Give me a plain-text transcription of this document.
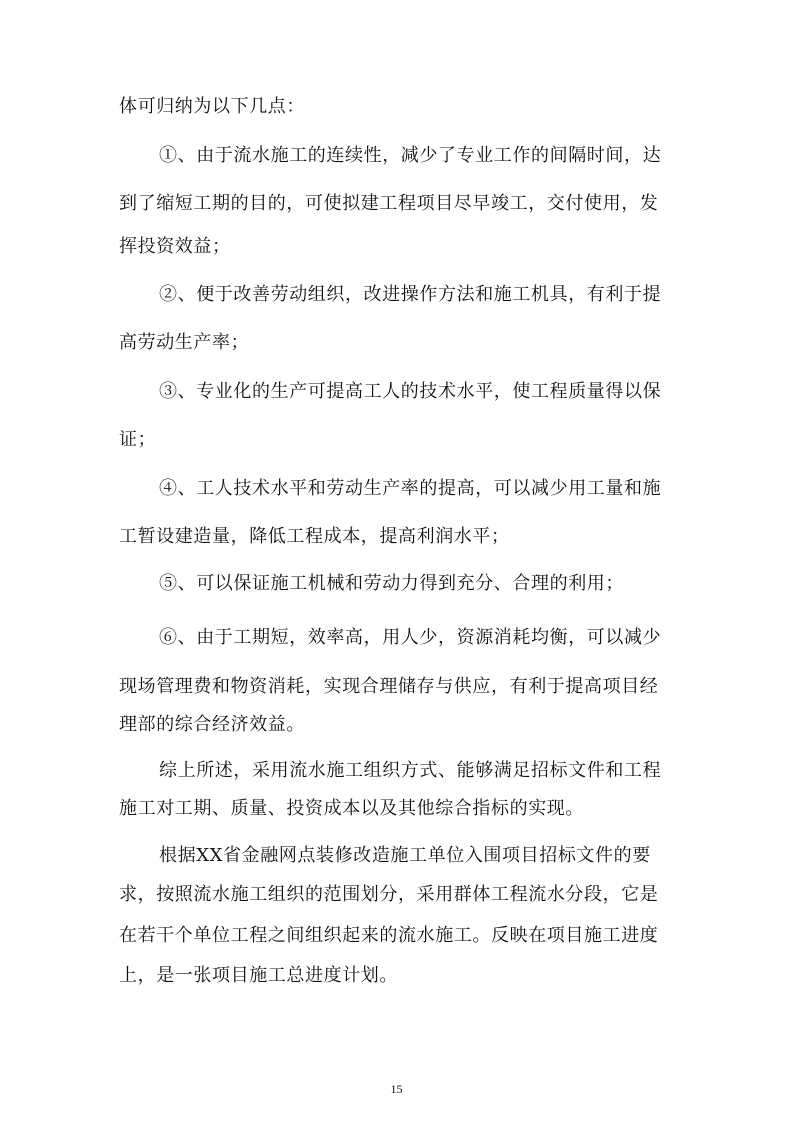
体可归纳为以下几点：
①、由于流水施工的连续性，减少了专业工作的间隔时间，达
到了缩短工期的目的，可使拟建工程项目尽早竣工，交付使用，发
挥投资效益；
②、便于改善劳动组织，改进操作方法和施工机具，有利于提
高劳动生产率；
③、专业化的生产可提高工人的技术水平，使工程质量得以保
证；
④、工人技术水平和劳动生产率的提高，可以减少用工量和施
工暂设建造量，降低工程成本，提高利润水平；
⑤、可以保证施工机械和劳动力得到充分、合理的利用；
⑥、由于工期短，效率高，用人少，资源消耗均衡，可以减少
现场管理费和物资消耗，实现合理储存与供应，有利于提高项目经
理部的综合经济效益。
综上所述，采用流水施工组织方式、能够满足招标文件和工程
施工对工期、质量、投资成本以及其他综合指标的实现。
根据XX省金融网点装修改造施工单位入围项目招标文件的要
求，按照流水施工组织的范围划分，采用群体工程流水分段，它是
在若干个单位工程之间组织起来的流水施工。反映在项目施工进度
上，是一张项目施工总进度计划。
15
